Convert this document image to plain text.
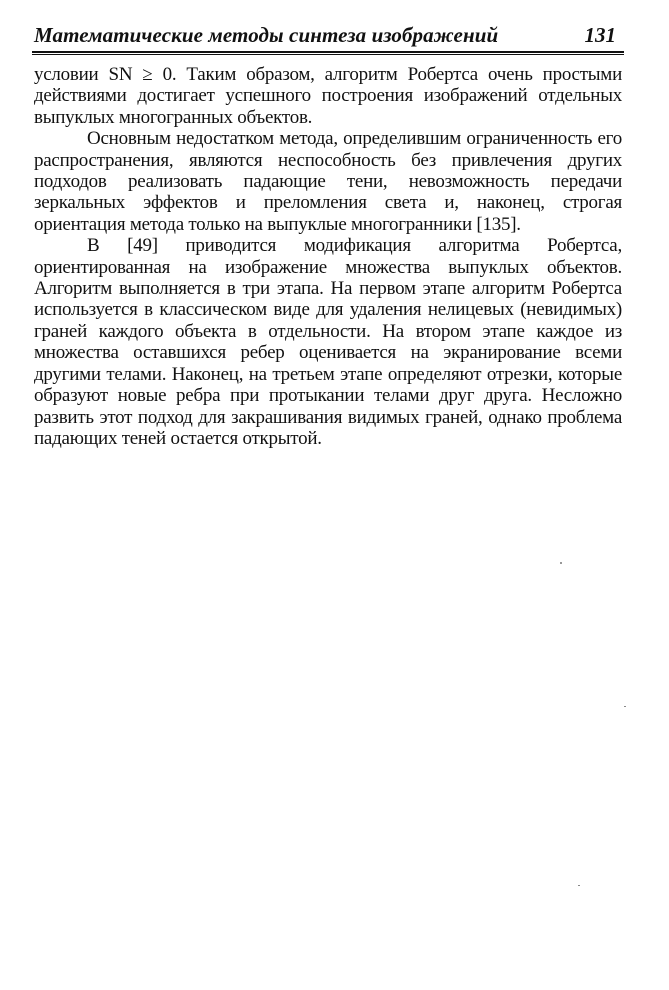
Математические методы синтеза изображений	131

условии SN ≥ 0. Таким образом, алгоритм Робертса очень простыми действиями достигает успешного построения изображений отдельных выпуклых многогранных объектов.

Основным недостатком метода, определившим ограниченность его распространения, являются неспособность без привлечения других подходов реализовать падающие тени, невозможность передачи зеркальных эффектов и преломления света и, наконец, строгая ориентация метода только на выпуклые многогранники [135].

В [49] приводится модификация алгоритма Робертса, ориентированная на изображение множества выпуклых объектов. Алгоритм выполняется в три этапа. На первом этапе алгоритм Робертса используется в классическом виде для удаления нелицевых (невидимых) граней каждого объекта в отдельности. На втором этапе каждое из множества оставшихся ребер оценивается на экранирование всеми другими телами. Наконец, на третьем этапе определяют отрезки, которые образуют новые ребра при протыкании телами друг друга. Несложно развить этот подход для закрашивания видимых граней, однако проблема падающих теней остается открытой.
